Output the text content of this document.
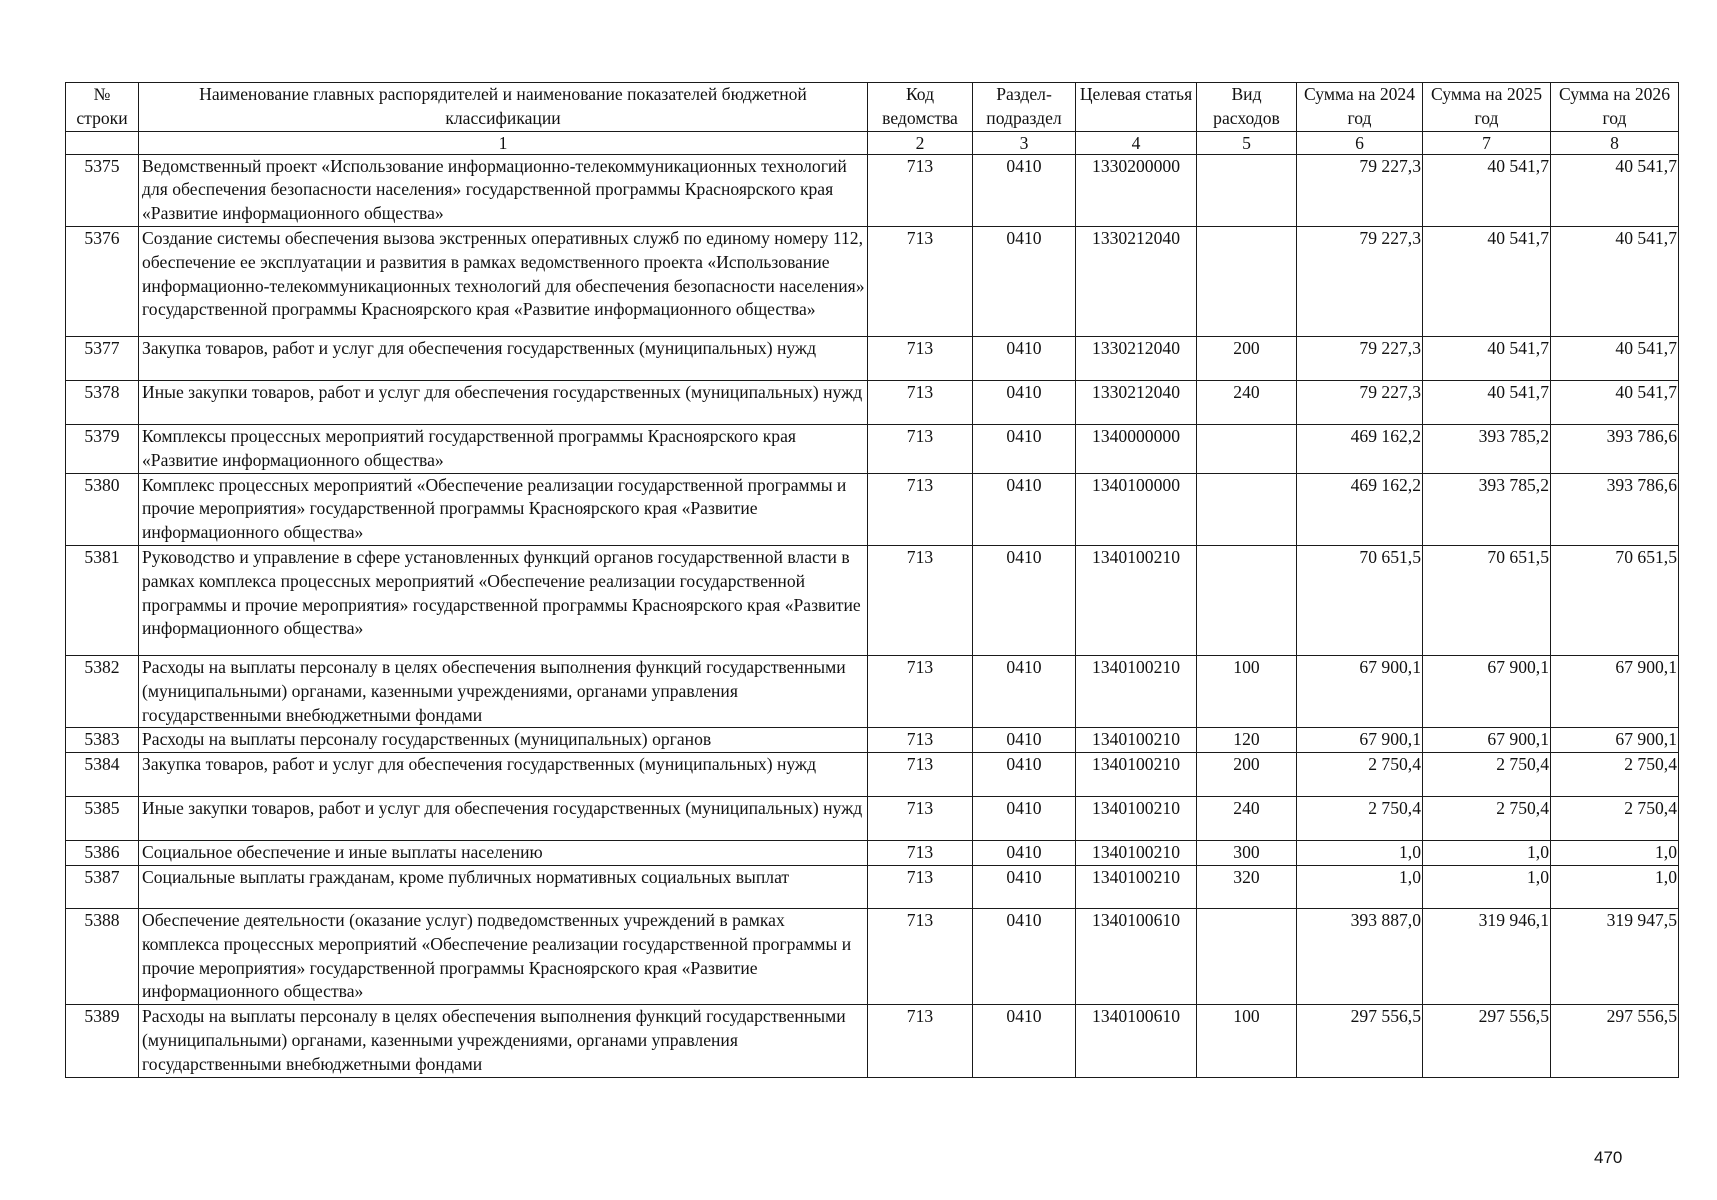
№ строки	Наименование главных распорядителей и наименование показателей бюджетной классификации	Код ведомства	Раздел-подраздел	Целевая статья	Вид расходов	Сумма на 2024 год	Сумма на 2025 год	Сумма на 2026 год
	1	2	3	4	5	6	7	8
5375	Ведомственный проект «Использование информационно-телекоммуникационных технологий для обеспечения безопасности населения» государственной программы Красноярского края «Развитие информационного общества»	713	0410	1330200000		79 227,3	40 541,7	40 541,7
5376	Создание системы обеспечения вызова экстренных оперативных служб по единому номеру 112, обеспечение ее эксплуатации и развития в рамках ведомственного проекта «Использование информационно-телекоммуникационных технологий для обеспечения безопасности населения» государственной программы Красноярского края «Развитие информационного общества»	713	0410	1330212040		79 227,3	40 541,7	40 541,7
5377	Закупка товаров, работ и услуг для обеспечения государственных (муниципальных) нужд	713	0410	1330212040	200	79 227,3	40 541,7	40 541,7
5378	Иные закупки товаров, работ и услуг для обеспечения государственных (муниципальных) нужд	713	0410	1330212040	240	79 227,3	40 541,7	40 541,7
5379	Комплексы процессных мероприятий государственной программы Красноярского края «Развитие информационного общества»	713	0410	1340000000		469 162,2	393 785,2	393 786,6
5380	Комплекс процессных мероприятий «Обеспечение реализации государственной программы и прочие мероприятия» государственной программы Красноярского края «Развитие информационного общества»	713	0410	1340100000		469 162,2	393 785,2	393 786,6
5381	Руководство и управление в сфере установленных функций органов государственной власти в рамках комплекса процессных мероприятий «Обеспечение реализации государственной программы и прочие мероприятия» государственной программы Красноярского края «Развитие информационного общества»	713	0410	1340100210		70 651,5	70 651,5	70 651,5
5382	Расходы на выплаты персоналу в целях обеспечения выполнения функций государственными (муниципальными) органами, казенными учреждениями, органами управления государственными внебюджетными фондами	713	0410	1340100210	100	67 900,1	67 900,1	67 900,1
5383	Расходы на выплаты персоналу государственных (муниципальных) органов	713	0410	1340100210	120	67 900,1	67 900,1	67 900,1
5384	Закупка товаров, работ и услуг для обеспечения государственных (муниципальных) нужд	713	0410	1340100210	200	2 750,4	2 750,4	2 750,4
5385	Иные закупки товаров, работ и услуг для обеспечения государственных (муниципальных) нужд	713	0410	1340100210	240	2 750,4	2 750,4	2 750,4
5386	Социальное обеспечение и иные выплаты населению	713	0410	1340100210	300	1,0	1,0	1,0
5387	Социальные выплаты гражданам, кроме публичных нормативных социальных выплат	713	0410	1340100210	320	1,0	1,0	1,0
5388	Обеспечение деятельности (оказание услуг) подведомственных учреждений в рамках комплекса процессных мероприятий «Обеспечение реализации государственной программы и прочие мероприятия» государственной программы Красноярского края «Развитие информационного общества»	713	0410	1340100610		393 887,0	319 946,1	319 947,5
5389	Расходы на выплаты персоналу в целях обеспечения выполнения функций государственными (муниципальными) органами, казенными учреждениями, органами управления государственными внебюджетными фондами	713	0410	1340100610	100	297 556,5	297 556,5	297 556,5
470
